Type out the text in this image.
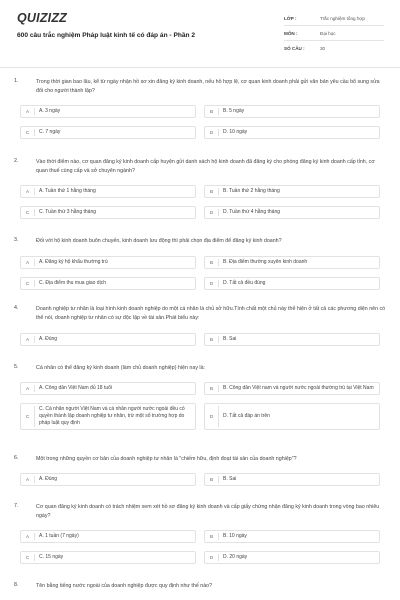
QUIZIZZ
600 câu trắc nghiệm Pháp luật kinh tế có đáp án - Phần 2
LỚP :	Trắc nghiệm tổng hợp
MÔN :	Đại học
SỐ CÂU :	30
1.	Trong thời gian bao lâu, kể từ ngày nhận hồ sơ xin đăng ký kinh doanh, nếu hồ hợp lệ, cơ quan kinh doanh phải gửi văn bản yêu cầu bổ sung sửa đổi cho người thành lập?
A	A. 3 ngày	B	B. 5 ngày
C	C. 7 ngày	D	D. 10 ngày
2.	Vào thời điểm nào, cơ quan đăng ký kinh doanh cấp huyện gửi danh sách hộ kinh doanh đã đăng ký cho phòng đăng ký kinh doanh cấp tỉnh, cơ quan thuế cùng cấp và sở chuyên ngành?
A	A. Tuần thứ 1 hằng tháng	B	B. Tuần thứ 2 hằng tháng
C	C. Tuần thứ 3 hằng tháng	D	D. Tuần thứ 4 hằng tháng
3.	Đối với hộ kinh doanh buôn chuyến, kinh doanh lưu động thì phải chọn địa điểm để đăng ký kinh doanh?
A	A. Đăng ký hộ khẩu thường trú	B	B. Địa điểm thường xuyên kinh doanh
C	C. Địa điểm thu mua giao dịch	D	D. Tất cả đều đúng
4.	Doanh nghiệp tư nhân là loại hình kinh doanh nghiệp do một cá nhân là chủ sở hữu.Tính chất một chủ này thể hiện ở tất cả các phương diện nên có thể nói, doanh nghiệp tư nhân có sự độc lập về tài sản.Phát biểu này:
A	A. Đúng	B	B. Sai
5.	Cá nhân có thể đăng ký kinh doanh (làm chủ doanh nghiệp) hiện nay là:
A	A. Công dân Việt Nam đủ 18 tuổi	B	B. Công dân Việt nam và người nước ngoài thường trú tại Việt Nam
C
C. Cá nhân người Việt Nam và cá nhân người nước ngoài đều có quyền thành lập doanh nghiệp tư nhân, trừ một số trường hợp do pháp luật quy định
D	D. Tất cả đáp án trên
6.	Một trong những quyền cơ bản của doanh nghiệp tư nhân là "chiếm hữu, định đoạt tài sản của doanh nghiệp"?
A	A. Đúng	B	B. Sai
7.	Cơ quan đăng ký kinh doanh có trách nhiệm xem xét hồ sơ đăng ký kinh doanh và cấp giấy chứng nhận đăng ký kinh doanh trong vòng bao nhiêu ngày?
A	A. 1 tuần (7 ngày)	B	B. 10 ngày
C	C. 15 ngày	D	D. 20 ngày
8.	Tên bằng tiếng nước ngoài của doanh nghiệp được quy định như thế nào?
